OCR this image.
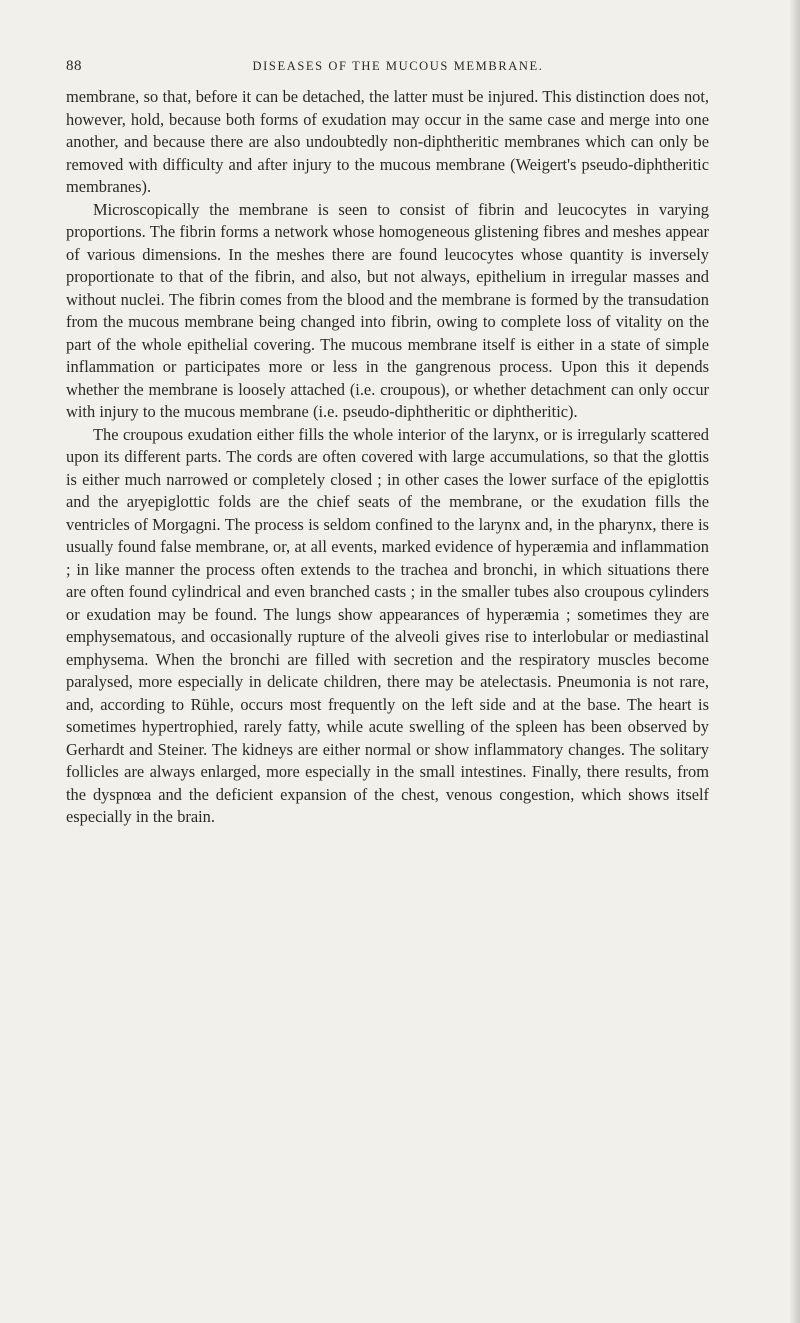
88	DISEASES OF THE MUCOUS MEMBRANE.

membrane, so that, before it can be detached, the latter must be injured. This distinction does not, however, hold, because both forms of exudation may occur in the same case and merge into one another, and because there are also undoubtedly non-diphtheritic membranes which can only be removed with difficulty and after injury to the mucous membrane (Weigert's pseudo-diphtheritic membranes).

Microscopically the membrane is seen to consist of fibrin and leucocytes in varying proportions. The fibrin forms a network whose homogeneous glistening fibres and meshes appear of various dimensions. In the meshes there are found leucocytes whose quantity is inversely proportionate to that of the fibrin, and also, but not always, epithelium in irregular masses and without nuclei. The fibrin comes from the blood and the membrane is formed by the transudation from the mucous membrane being changed into fibrin, owing to complete loss of vitality on the part of the whole epithelial covering. The mucous membrane itself is either in a state of simple inflammation or participates more or less in the gangrenous process. Upon this it depends whether the membrane is loosely attached (i.e. croupous), or whether detachment can only occur with injury to the mucous membrane (i.e. pseudo-diphtheritic or diphtheritic).

The croupous exudation either fills the whole interior of the larynx, or is irregularly scattered upon its different parts. The cords are often covered with large accumulations, so that the glottis is either much narrowed or completely closed ; in other cases the lower surface of the epiglottis and the aryepiglottic folds are the chief seats of the membrane, or the exudation fills the ventricles of Morgagni. The process is seldom confined to the larynx and, in the pharynx, there is usually found false membrane, or, at all events, marked evidence of hyperæmia and inflammation ; in like manner the process often extends to the trachea and bronchi, in which situations there are often found cylindrical and even branched casts ; in the smaller tubes also croupous cylinders or exudation may be found. The lungs show appearances of hyperæmia ; sometimes they are emphysematous, and occasionally rupture of the alveoli gives rise to interlobular or mediastinal emphysema. When the bronchi are filled with secretion and the respiratory muscles become paralysed, more especially in delicate children, there may be atelectasis. Pneumonia is not rare, and, according to Rühle, occurs most frequently on the left side and at the base. The heart is sometimes hypertrophied, rarely fatty, while acute swelling of the spleen has been observed by Gerhardt and Steiner. The kidneys are either normal or show inflammatory changes. The solitary follicles are always enlarged, more especially in the small intestines. Finally, there results, from the dyspnœa and the deficient expansion of the chest, venous congestion, which shows itself especially in the brain.
